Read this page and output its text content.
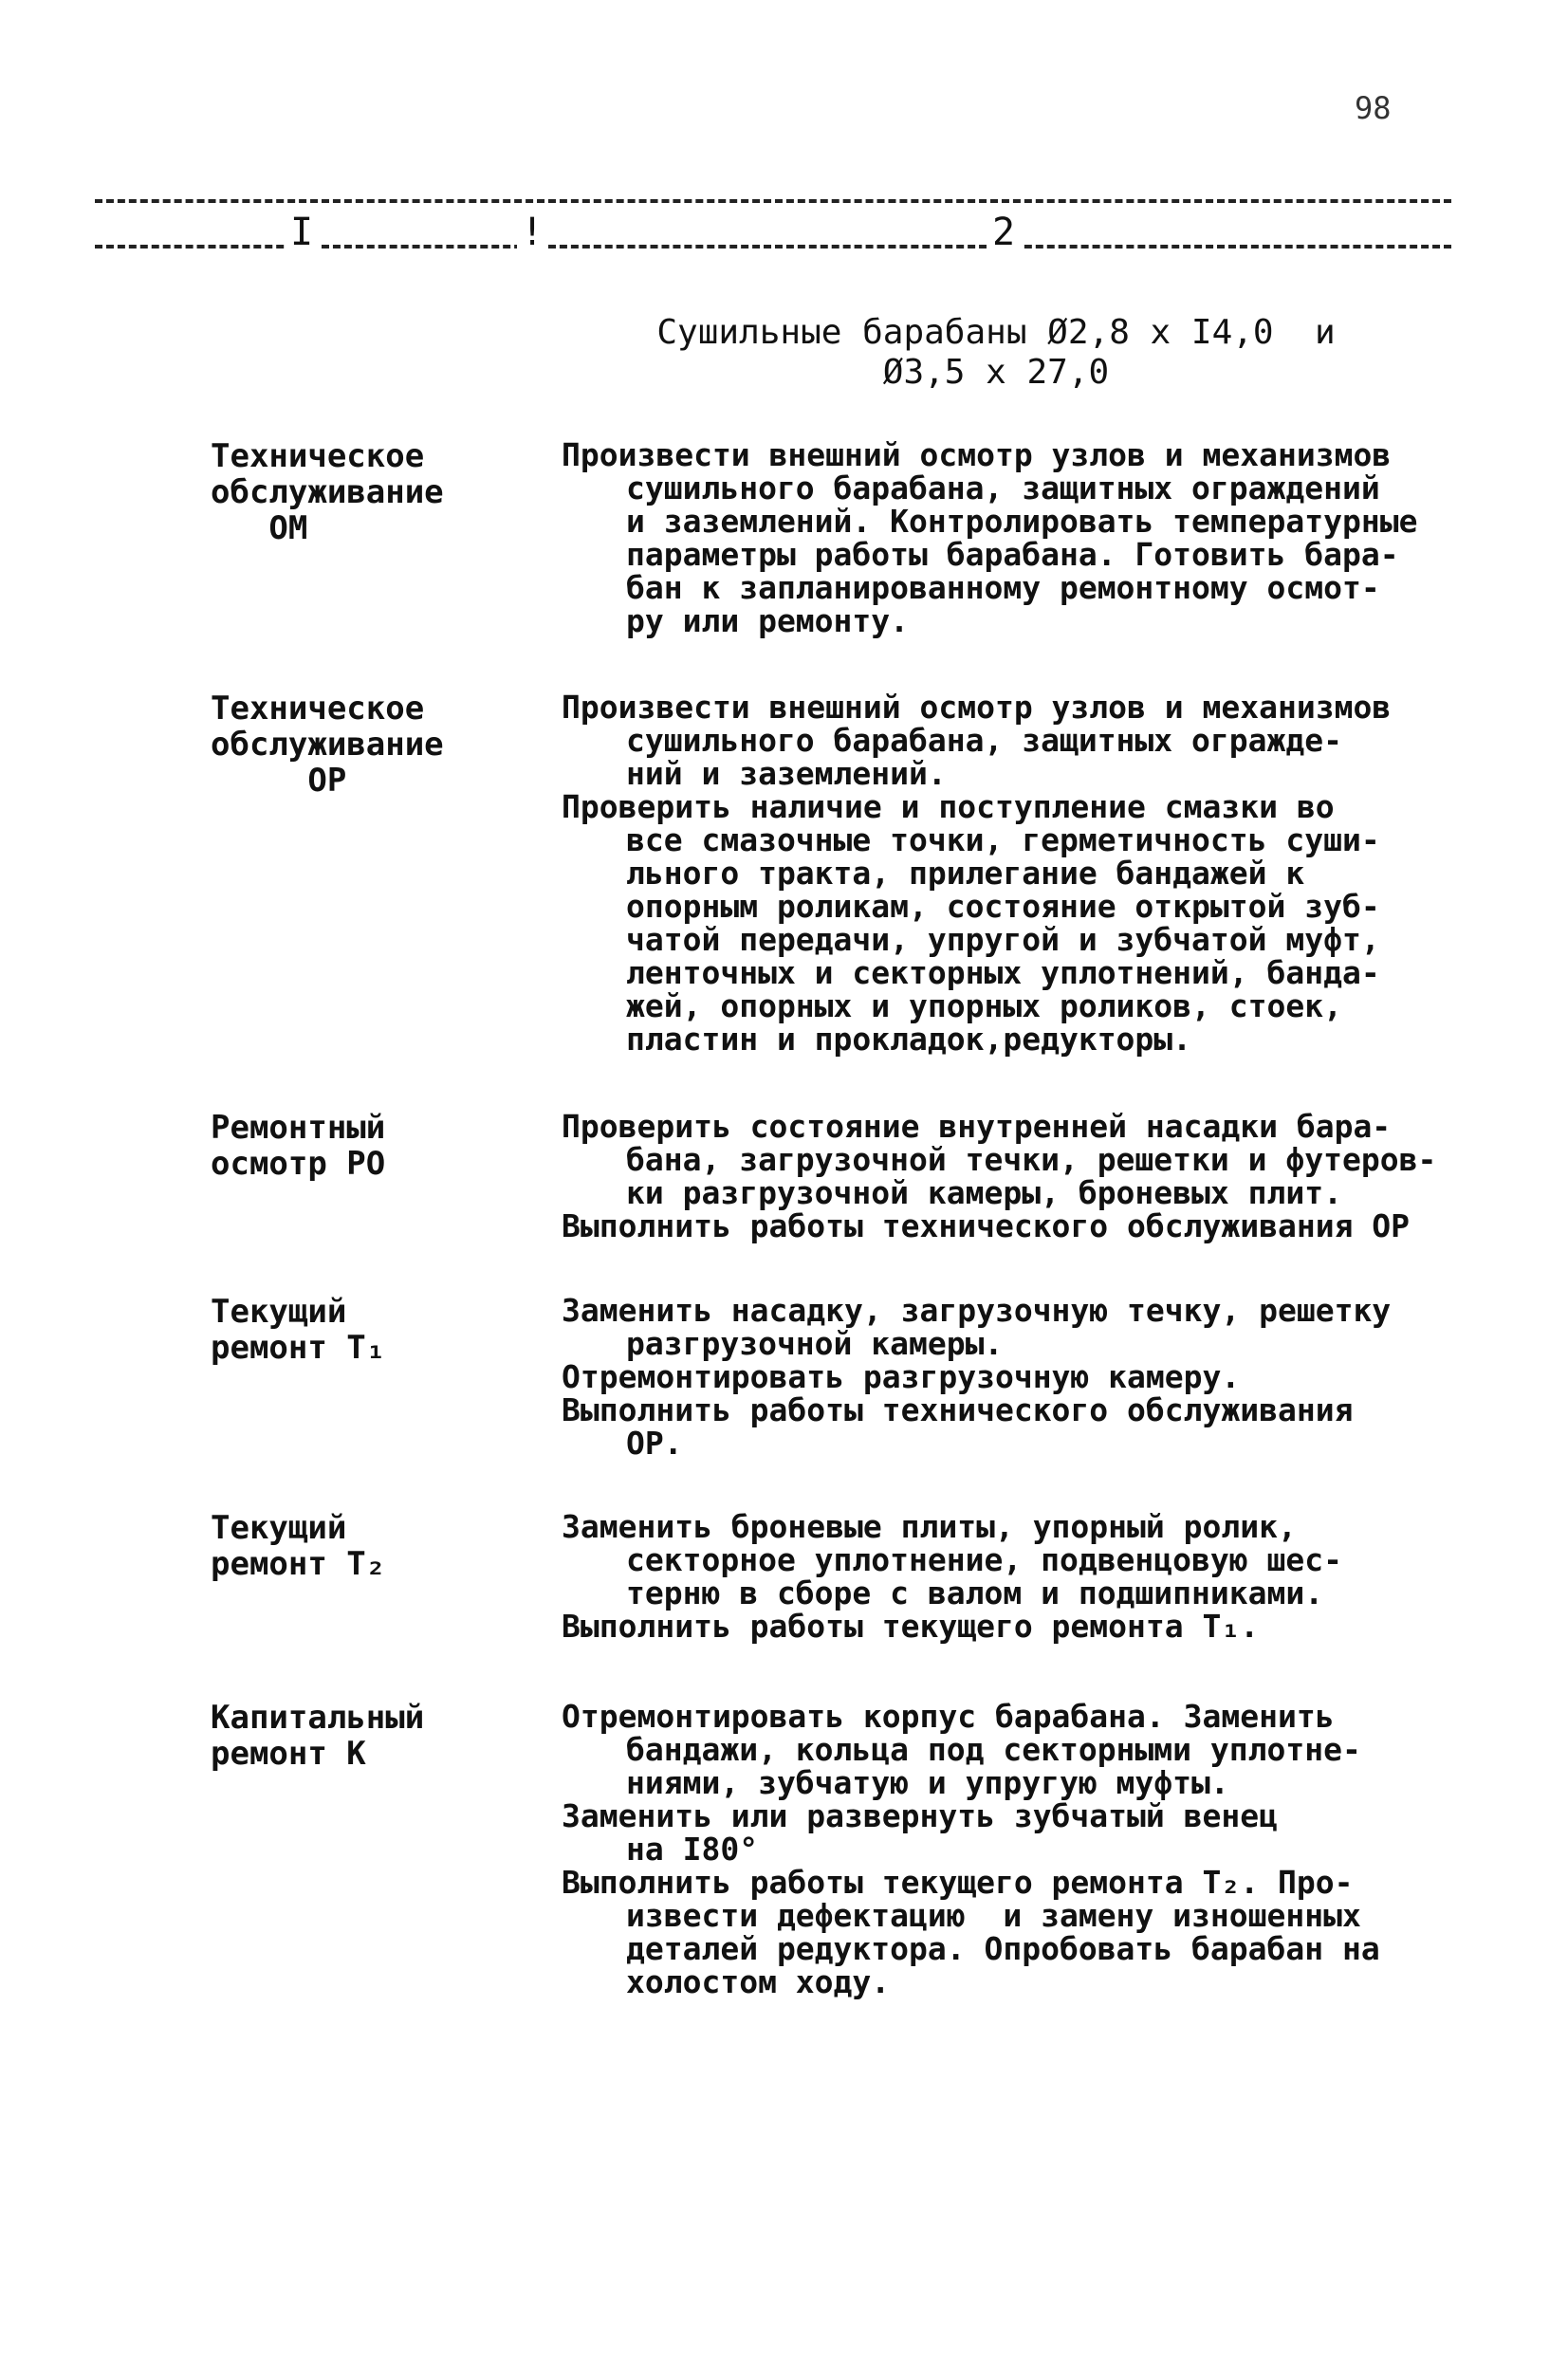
98
I	!	2
Сушильные барабаны Ø2,8 х I4,0  и
Ø3,5 х 27,0
Техническое
обслуживание
ОМ
Произвести внешний осмотр узлов и механизмов
сушильного барабана, защитных ограждений
и заземлений. Контролировать температурные
параметры работы барабана. Готовить бара-
бан к запланированному ремонтному осмот-
ру или ремонту.
Техническое
обслуживание
ОР
Произвести внешний осмотр узлов и механизмов
сушильного барабана, защитных огражде-
ний и заземлений.
Проверить наличие и поступление смазки во
все смазочные точки, герметичность суши-
льного тракта, прилегание бандажей к
опорным роликам, состояние открытой зуб-
чатой передачи, упругой и зубчатой муфт,
ленточных и секторных уплотнений, банда-
жей, опорных и упорных роликов, стоек,
пластин и прокладок,редукторы.
Ремонтный
осмотр РО
Проверить состояние внутренней насадки бара-
бана, загрузочной течки, решетки и футеров-
ки разгрузочной камеры, броневых плит.
Выполнить работы технического обслуживания ОР
Текущий
ремонт Т₁
Заменить насадку, загрузочную течку, решетку
разгрузочной камеры.
Отремонтировать разгрузочную камеру.
Выполнить работы технического обслуживания
ОР.
Текущий
ремонт Т₂
Заменить броневые плиты, упорный ролик,
секторное уплотнение, подвенцовую шес-
терню в сборе с валом и подшипниками.
Выполнить работы текущего ремонта Т₁.
Капитальный
ремонт К
Отремонтировать корпус барабана. Заменить
бандажи, кольца под секторными уплотне-
ниями, зубчатую и упругую муфты.
Заменить или развернуть зубчатый венец
на I80°
Выполнить работы текущего ремонта Т₂. Про-
извести дефектацию  и замену изношенных
деталей редуктора. Опробовать барабан на
холостом ходу.
